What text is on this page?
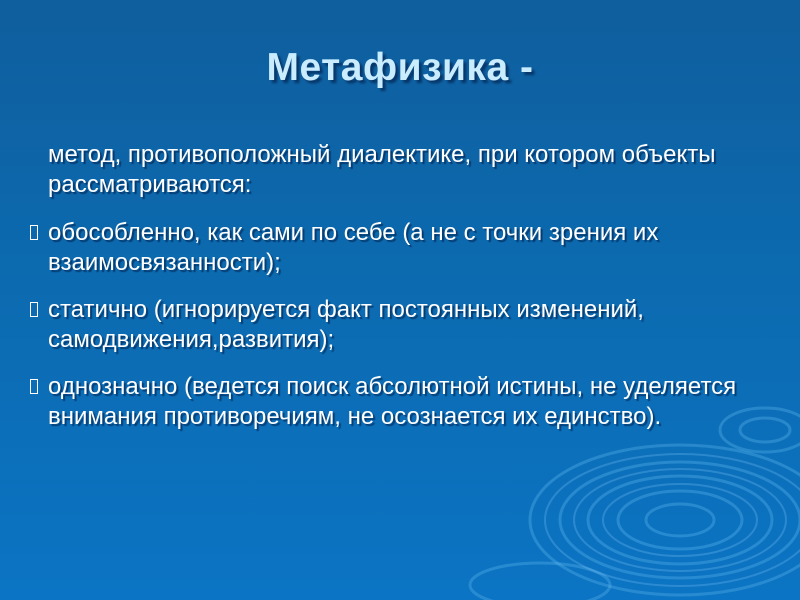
Метафизика -

метод, противоположный диалектике, при котором объекты рассматриваются:

обособленно, как сами по себе (а не с точки зрения их взаимосвязанности);
статично (игнорируется факт постоянных изменений, самодвижения,развития);
однозначно (ведется поиск абсолютной истины, не уделяется внимания противоречиям, не осознается их единство).
